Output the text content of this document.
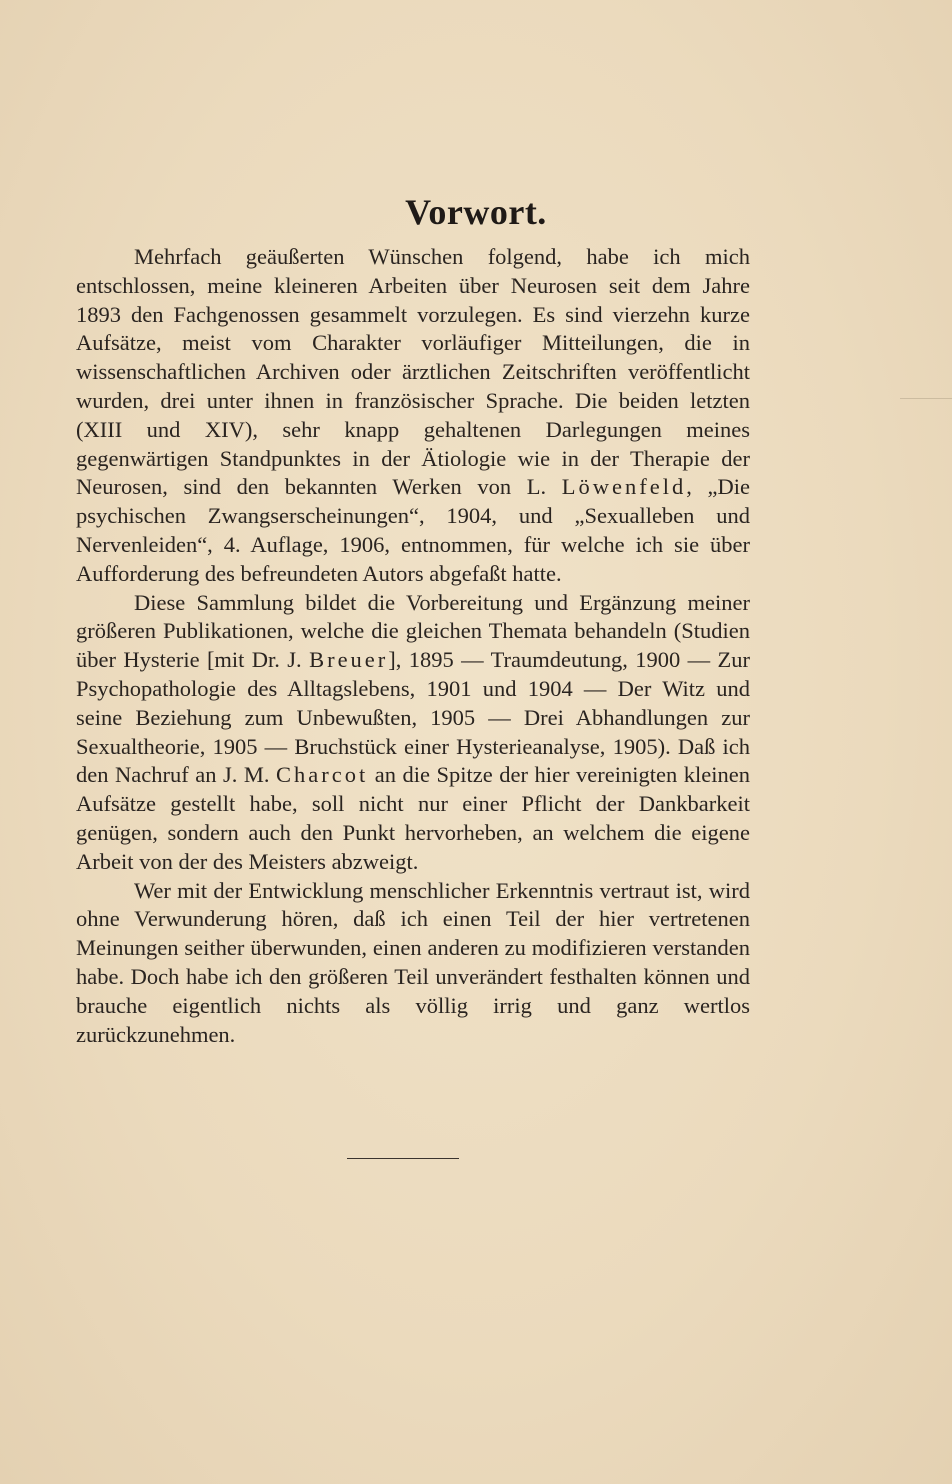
Vorwort.

Mehrfach geäußerten Wünschen folgend, habe ich mich entschlossen, meine kleineren Arbeiten über Neurosen seit dem Jahre 1893 den Fachgenossen gesammelt vorzulegen. Es sind vierzehn kurze Aufsätze, meist vom Charakter vorläufiger Mitteilungen, die in wissenschaftlichen Archiven oder ärztlichen Zeitschriften veröffentlicht wurden, drei unter ihnen in französischer Sprache. Die beiden letzten (XIII und XIV), sehr knapp gehaltenen Darlegungen meines gegenwärtigen Standpunktes in der Ätiologie wie in der Therapie der Neurosen, sind den bekannten Werken von L. Löwenfeld, „Die psychischen Zwangserscheinungen“, 1904, und „Sexualleben und Nervenleiden“, 4. Auflage, 1906, entnommen, für welche ich sie über Aufforderung des befreundeten Autors abgefaßt hatte.

Diese Sammlung bildet die Vorbereitung und Ergänzung meiner größeren Publikationen, welche die gleichen Themata behandeln (Studien über Hysterie [mit Dr. J. Breuer], 1895 — Traumdeutung, 1900 — Zur Psychopathologie des Alltagslebens, 1901 und 1904 — Der Witz und seine Beziehung zum Unbewußten, 1905 — Drei Abhandlungen zur Sexualtheorie, 1905 — Bruchstück einer Hysterieanalyse, 1905). Daß ich den Nachruf an J. M. Charcot an die Spitze der hier vereinigten kleinen Aufsätze gestellt habe, soll nicht nur einer Pflicht der Dankbarkeit genügen, sondern auch den Punkt hervorheben, an welchem die eigene Arbeit von der des Meisters abzweigt.

Wer mit der Entwicklung menschlicher Erkenntnis vertraut ist, wird ohne Verwunderung hören, daß ich einen Teil der hier vertretenen Meinungen seither überwunden, einen anderen zu modifizieren verstanden habe. Doch habe ich den größeren Teil unverändert festhalten können und brauche eigentlich nichts als völlig irrig und ganz wertlos zurückzunehmen.
